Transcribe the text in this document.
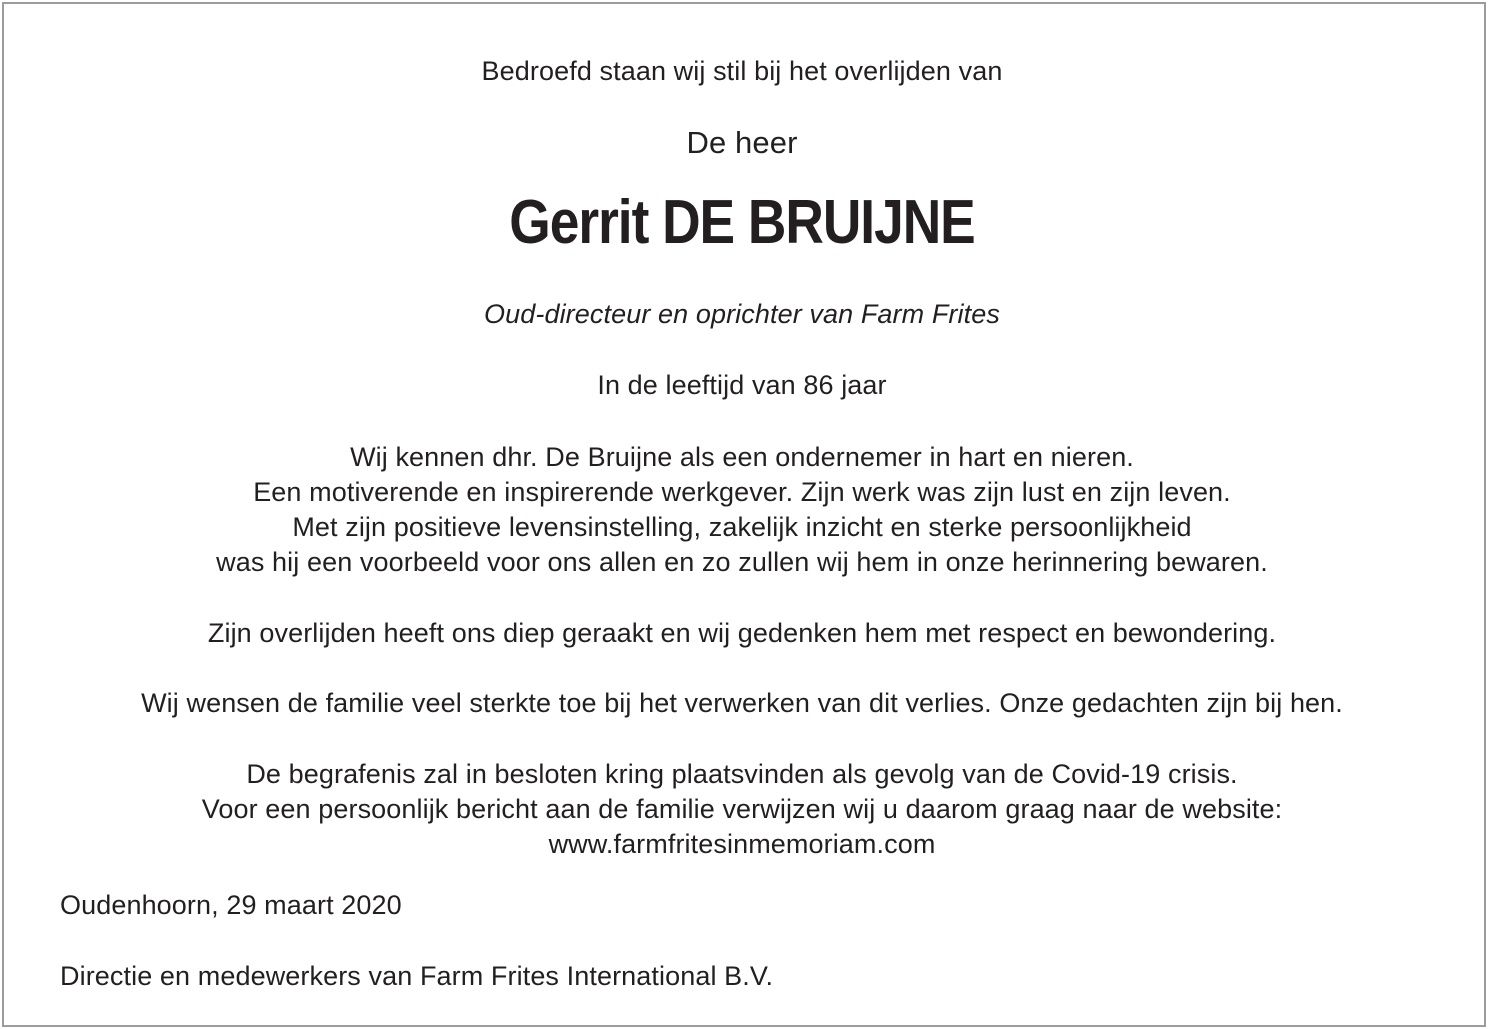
Bedroefd staan wij stil bij het overlijden van
De heer
Gerrit DE BRUIJNE
Oud-directeur en oprichter van Farm Frites
In de leeftijd van 86 jaar
Wij kennen dhr. De Bruijne als een ondernemer in hart en nieren.
Een motiverende en inspirerende werkgever. Zijn werk was zijn lust en zijn leven.
Met zijn positieve levensinstelling, zakelijk inzicht en sterke persoonlijkheid
was hij een voorbeeld voor ons allen en zo zullen wij hem in onze herinnering bewaren.
Zijn overlijden heeft ons diep geraakt en wij gedenken hem met respect en bewondering.
Wij wensen de familie veel sterkte toe bij het verwerken van dit verlies. Onze gedachten zijn bij hen.
De begrafenis zal in besloten kring plaatsvinden als gevolg van de Covid-19 crisis.
Voor een persoonlijk bericht aan de familie verwijzen wij u daarom graag naar de website:
www.farmfritesinmemoriam.com
Oudenhoorn, 29 maart 2020
Directie en medewerkers van Farm Frites International B.V.
